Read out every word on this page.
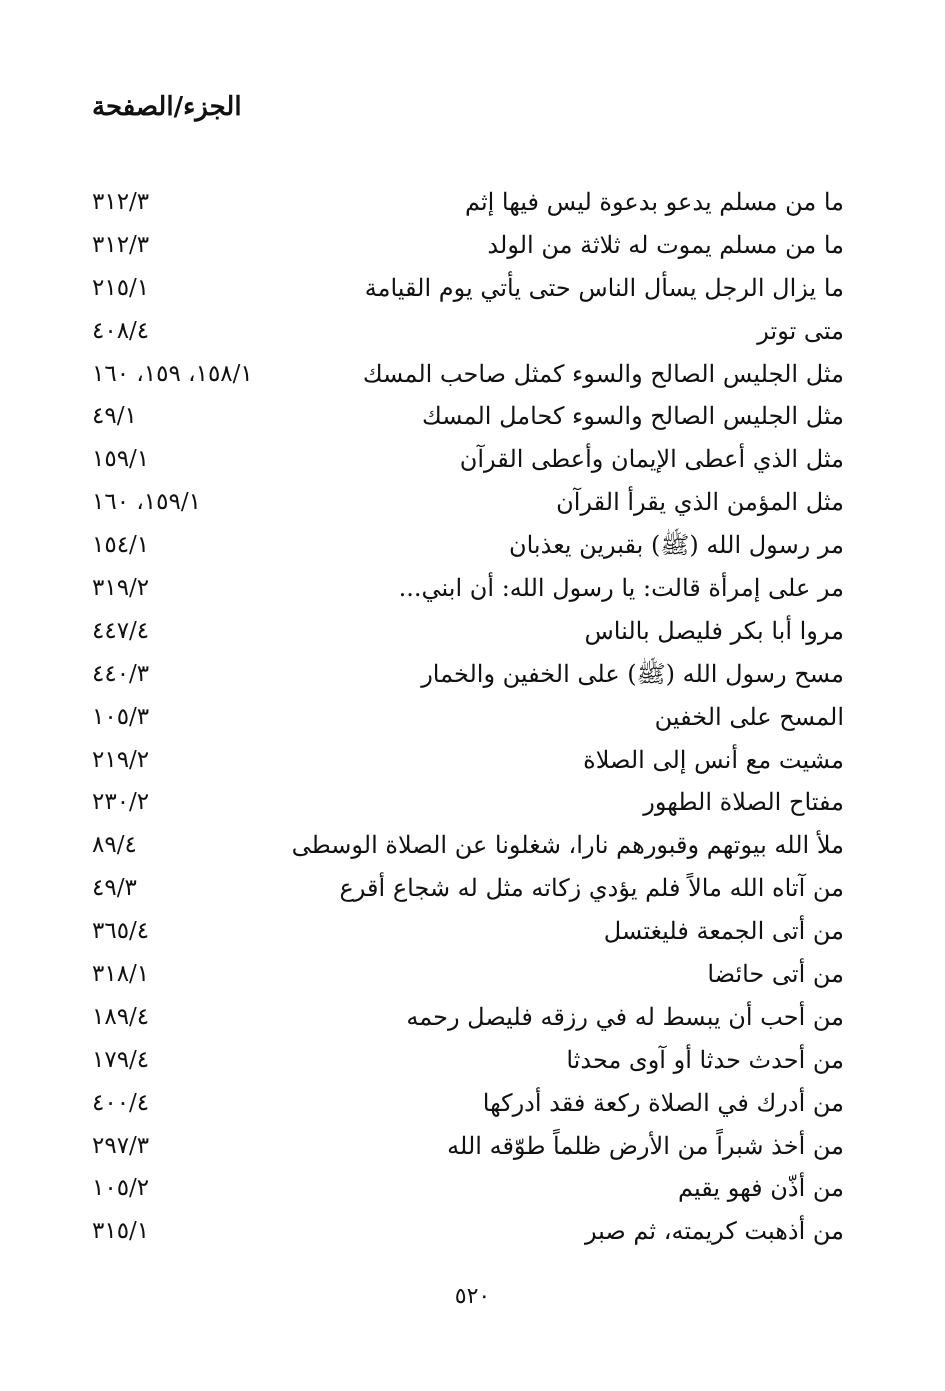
الجزء/الصفحة
٣١٢/٣	ما من مسلم يدعو بدعوة ليس فيها إثم
٣١٢/٣	ما من مسلم يموت له ثلاثة من الولد
٢١٥/١	ما يزال الرجل يسأل الناس حتى يأتي يوم القيامة
٤٠٨/٤	متى توتر
١٥٨/١، ١٥٩، ١٦٠	مثل الجليس الصالح والسوء كمثل صاحب المسك
٤٩/١	مثل الجليس الصالح والسوء كحامل المسك
١٥٩/١	مثل الذي أعطى الإيمان وأعطى القرآن
١٥٩/١، ١٦٠	مثل المؤمن الذي يقرأ القرآن
١٥٤/١	مر رسول الله (ﷺ) بقبرين يعذبان
٣١٩/٢	مر على إمرأة قالت: يا رسول الله: أن ابني...
٤٤٧/٤	مروا أبا بكر فليصل بالناس
٤٤٠/٣	مسح رسول الله (ﷺ) على الخفين والخمار
١٠٥/٣	المسح على الخفين
٢١٩/٢	مشيت مع أنس إلى الصلاة
٢٣٠/٢	مفتاح الصلاة الطهور
٨٩/٤	ملأ الله بيوتهم وقبورهم نارا، شغلونا عن الصلاة الوسطى
٤٩/٣	من آتاه الله مالاً فلم يؤدي زكاته مثل له شجاع أقرع
٣٦٥/٤	من أتى الجمعة فليغتسل
٣١٨/١	من أتى حائضا
١٨٩/٤	من أحب أن يبسط له في رزقه فليصل رحمه
١٧٩/٤	من أحدث حدثا أو آوى محدثا
٤٠٠/٤	من أدرك في الصلاة ركعة فقد أدركها
٢٩٧/٣	من أخذ شبراً من الأرض ظلماً طوّقه الله
١٠٥/٢	من أذّن فهو يقيم
٣١٥/١	من أذهبت كريمته، ثم صبر
٥٢٠
